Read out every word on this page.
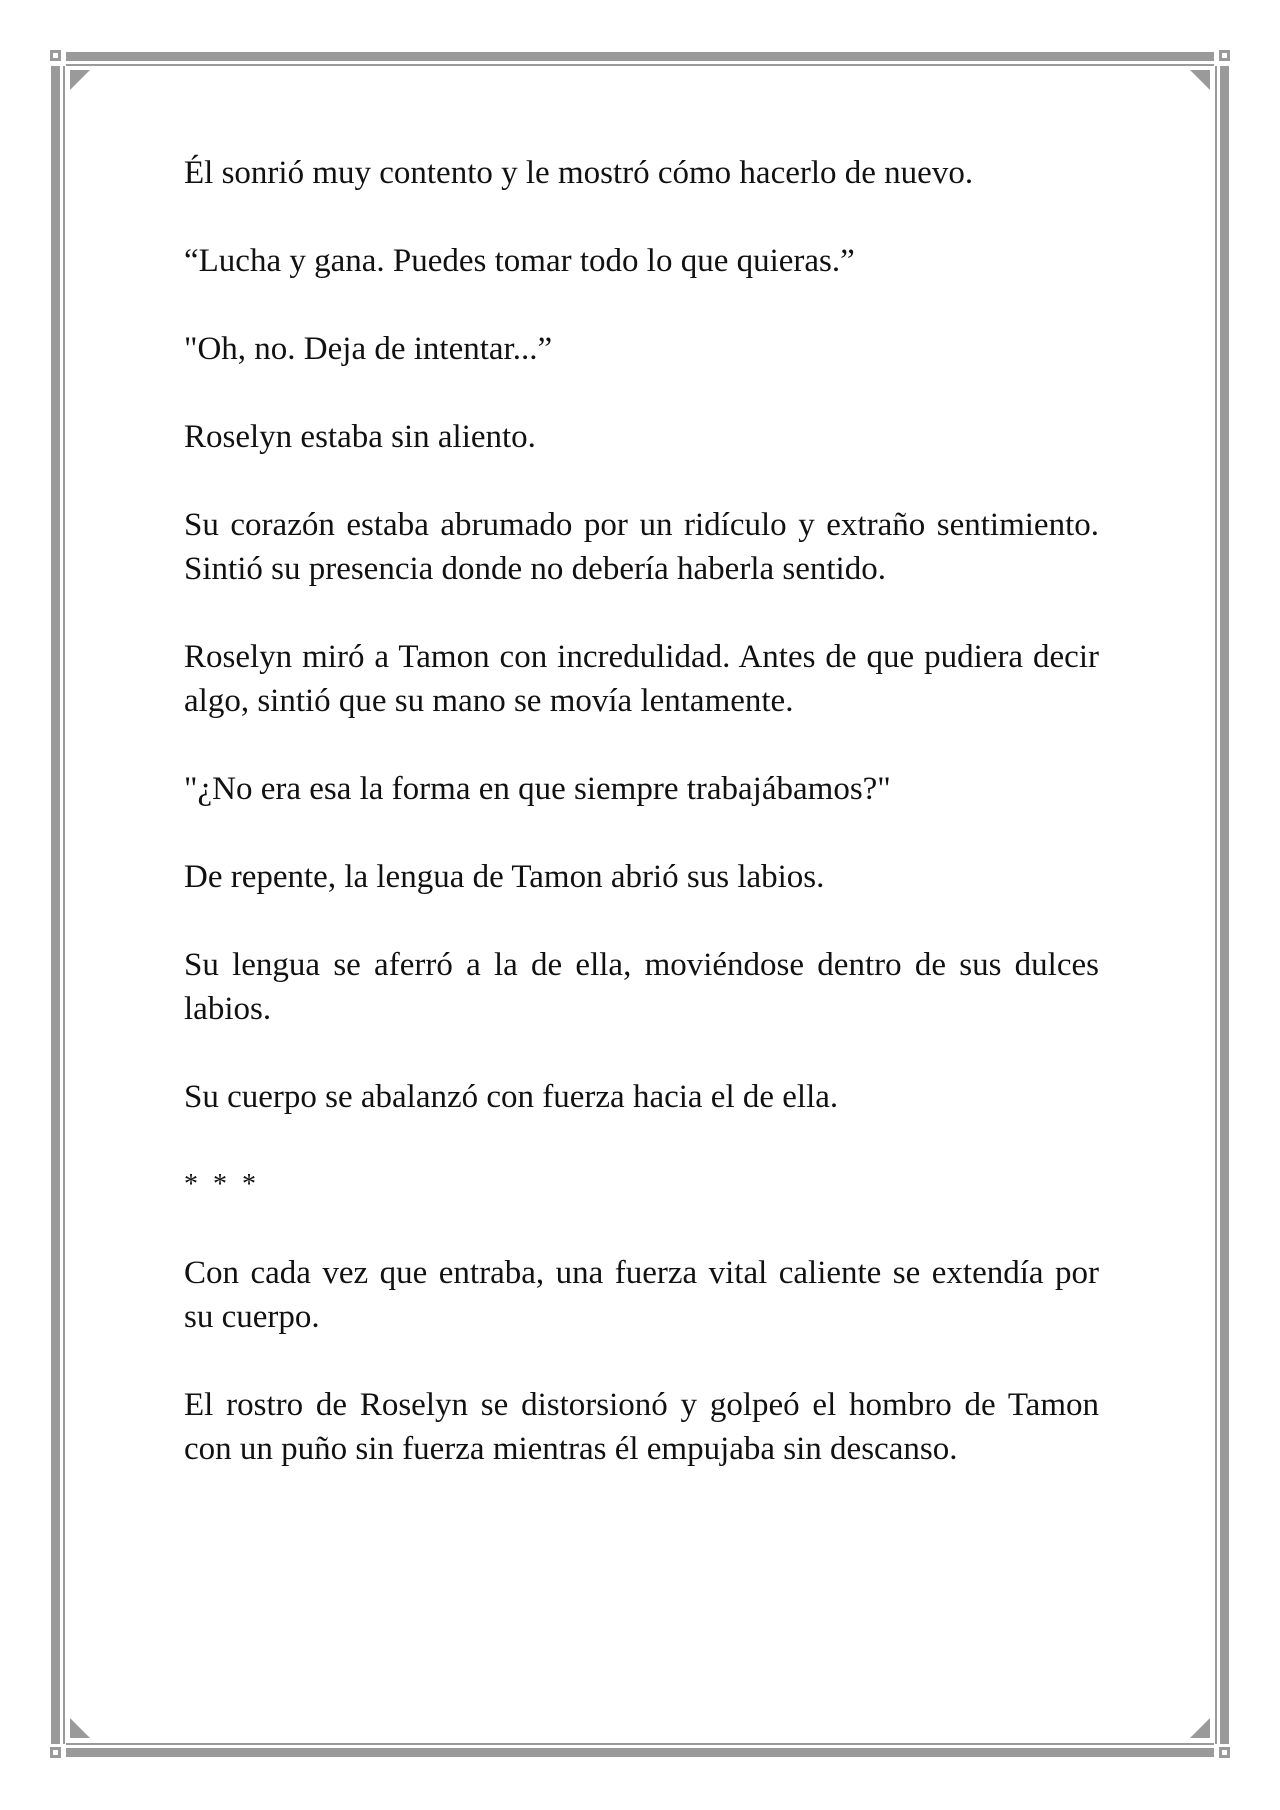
Él sonrió muy contento y le mostró cómo hacerlo de nuevo.

“Lucha y gana. Puedes tomar todo lo que quieras.”

"Oh, no. Deja de intentar...”

Roselyn estaba sin aliento.

Su corazón estaba abrumado por un ridículo y extraño sentimiento. Sintió su presencia donde no debería haberla sentido.

Roselyn miró a Tamon con incredulidad. Antes de que pudiera decir algo, sintió que su mano se movía lentamente.

"¿No era esa la forma en que siempre trabajábamos?"

De repente, la lengua de Tamon abrió sus labios.

Su lengua se aferró a la de ella, moviéndose dentro de sus dulces labios.

Su cuerpo se abalanzó con fuerza hacia el de ella.

* * *

Con cada vez que entraba, una fuerza vital caliente se extendía por su cuerpo.

El rostro de Roselyn se distorsionó y golpeó el hombro de Tamon con un puño sin fuerza mientras él empujaba sin descanso.
